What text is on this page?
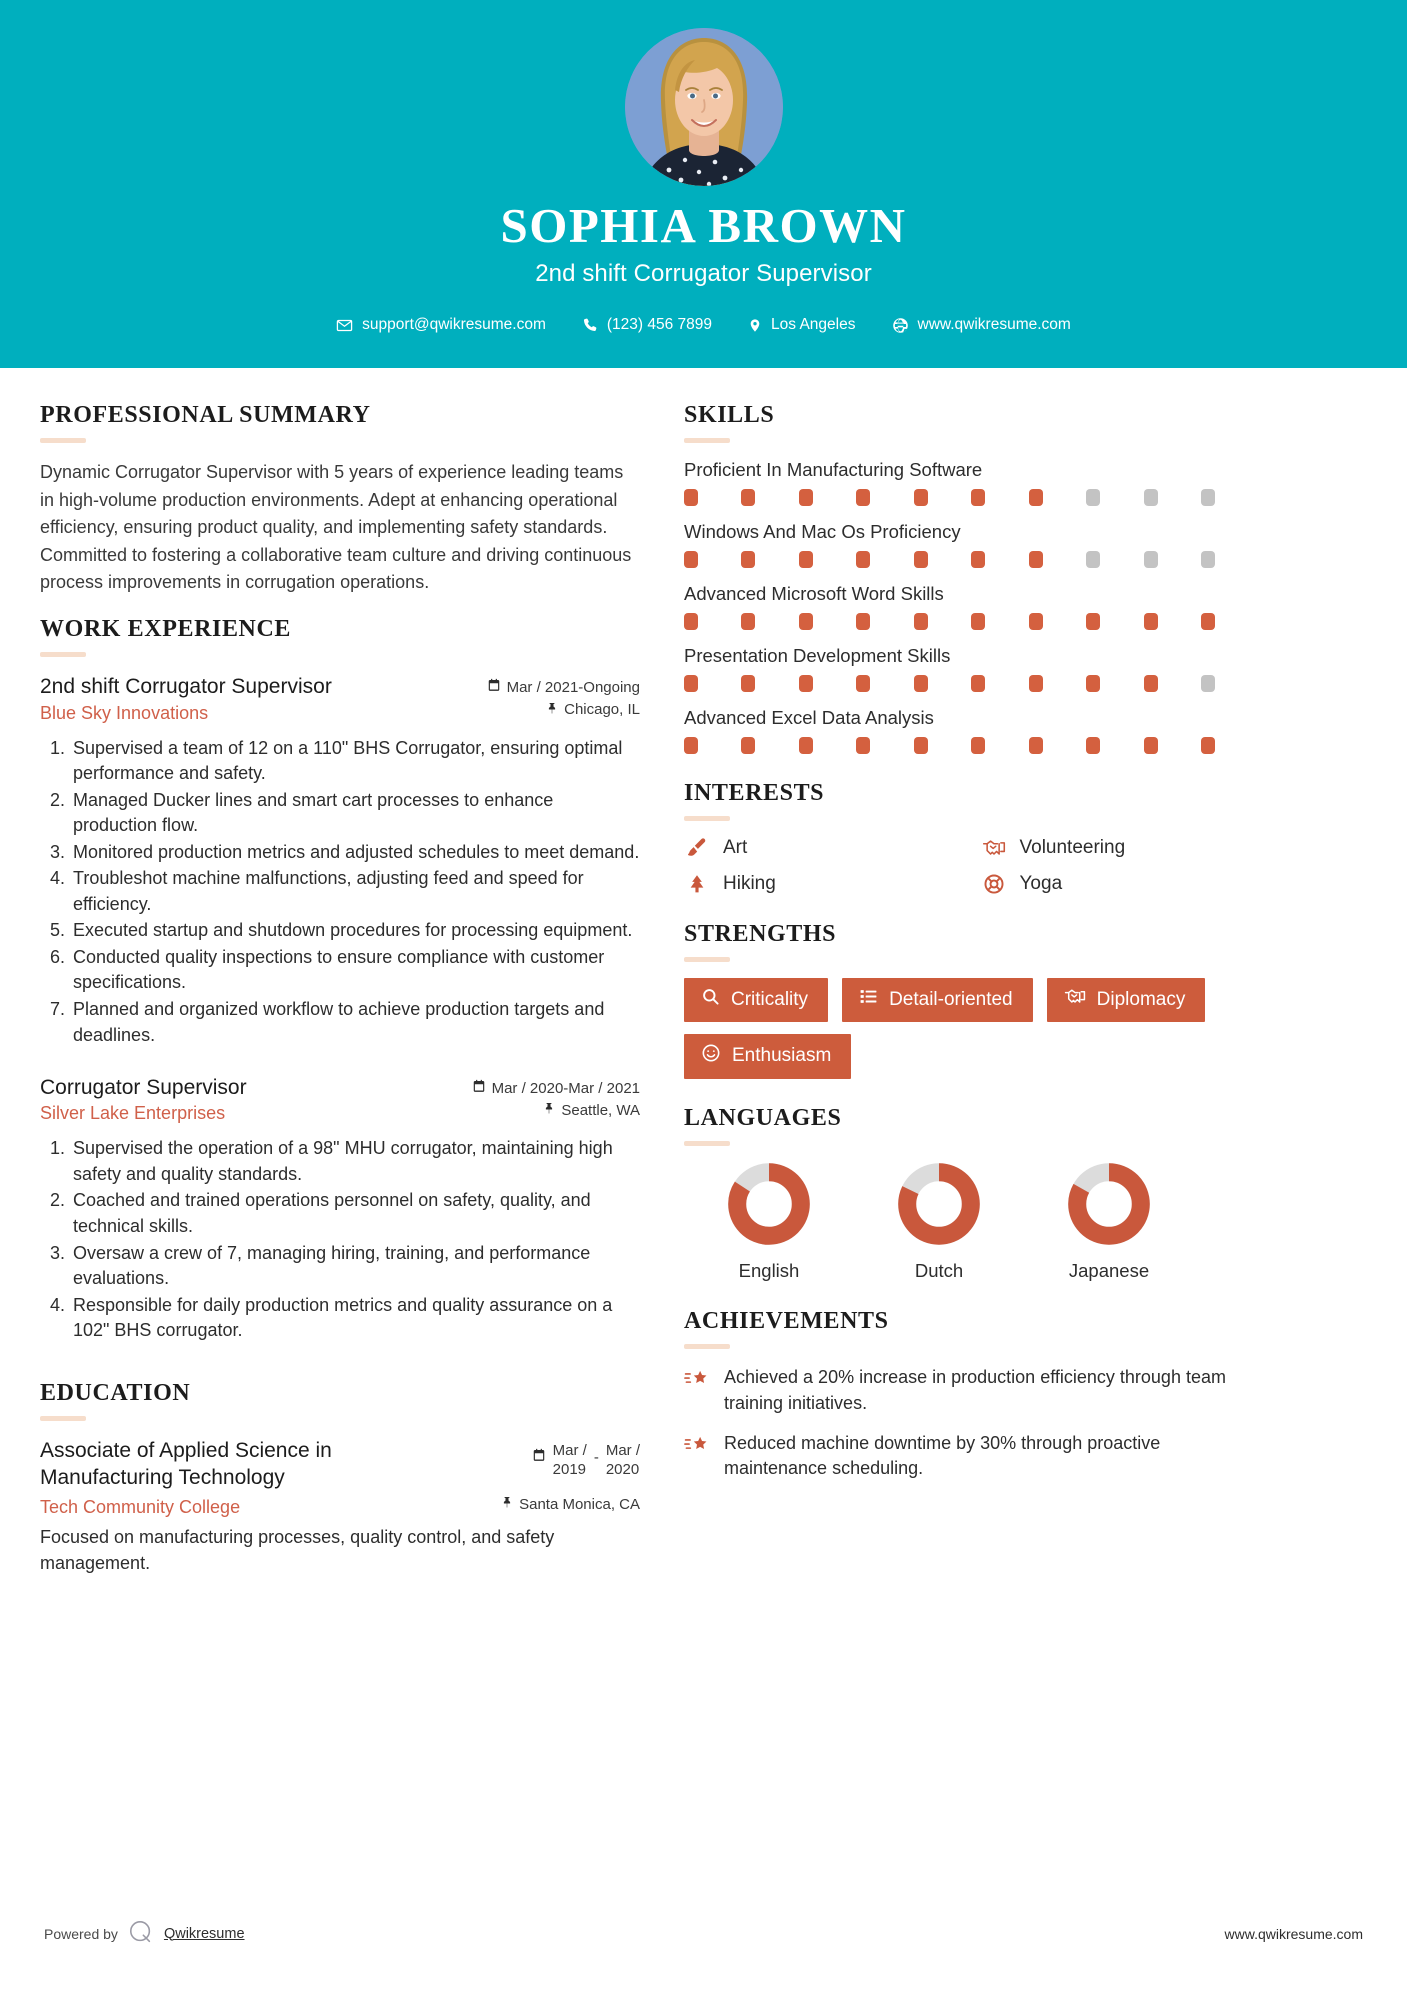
SOPHIA BROWN
2nd shift Corrugator Supervisor
support@qwikresume.com	(123) 456 7899	Los Angeles	www.qwikresume.com
PROFESSIONAL SUMMARY
Dynamic Corrugator Supervisor with 5 years of experience leading teams in high-volume production environments. Adept at enhancing operational efficiency, ensuring product quality, and implementing safety standards. Committed to fostering a collaborative team culture and driving continuous process improvements in corrugation operations.
WORK EXPERIENCE
2nd shift Corrugator Supervisor	Mar / 2021-Ongoing
Blue Sky Innovations	Chicago, IL
1. Supervised a team of 12 on a 110" BHS Corrugator, ensuring optimal performance and safety.
2. Managed Ducker lines and smart cart processes to enhance production flow.
3. Monitored production metrics and adjusted schedules to meet demand.
4. Troubleshot machine malfunctions, adjusting feed and speed for efficiency.
5. Executed startup and shutdown procedures for processing equipment.
6. Conducted quality inspections to ensure compliance with customer specifications.
7. Planned and organized workflow to achieve production targets and deadlines.
Corrugator Supervisor	Mar / 2020-Mar / 2021
Silver Lake Enterprises	Seattle, WA
1. Supervised the operation of a 98" MHU corrugator, maintaining high safety and quality standards.
2. Coached and trained operations personnel on safety, quality, and technical skills.
3. Oversaw a crew of 7, managing hiring, training, and performance evaluations.
4. Responsible for daily production metrics and quality assurance on a 102" BHS corrugator.
EDUCATION
Associate of Applied Science in Manufacturing Technology
Mar /
2019
- Mar /
2020
Tech Community College	Santa Monica, CA
Focused on manufacturing processes, quality control, and safety management.
SKILLS
Proficient In Manufacturing Software
Windows And Mac Os Proficiency
Advanced Microsoft Word Skills
Presentation Development Skills
Advanced Excel Data Analysis
INTERESTS
Art	Volunteering
Hiking	Yoga
STRENGTHS
Criticality	Detail-oriented	Diplomacy
Enthusiasm
LANGUAGES
English	Dutch	Japanese
ACHIEVEMENTS
Achieved a 20% increase in production efficiency through team training initiatives.
Reduced machine downtime by 30% through proactive maintenance scheduling.
Powered by	Qwikresume	www.qwikresume.com
